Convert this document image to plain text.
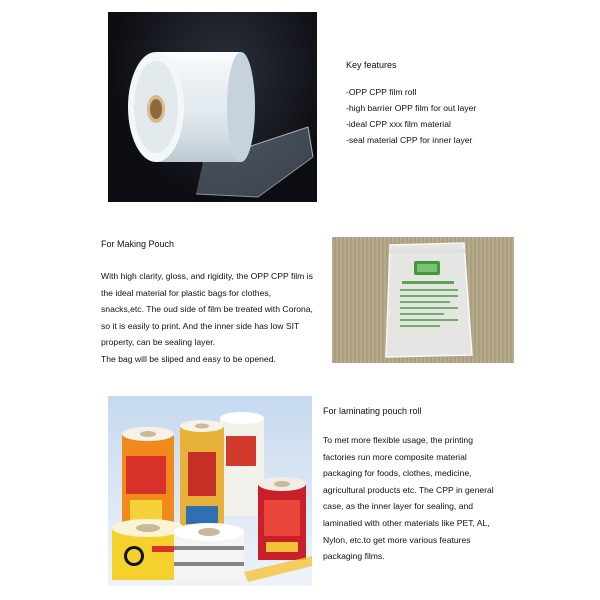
Key features
-OPP CPP film roll
-high barrier OPP film for out layer
-ideal CPP xxx film material
-seal material CPP for inner layer
For Making Pouch
With high clarity, gloss, and rigidity, the OPP CPP film is
the ideal material for plastic bags for clothes,
snacks,etc. The oud side of film be treated with Corona,
so it is easily to print. And the inner side has low SIT
property, can be sealing layer.
The bag will be sliped and easy to be opened.
For laminating pouch roll
To met more flexible usage, the printing
factories run more composite material
packaging for foods, clothes, medicine,
agricultural products etc. The CPP in general
case, as the inner layer for sealing, and
laminatied with other materials like PET, AL,
Nylon, etc.to get more various features
packaging films.
